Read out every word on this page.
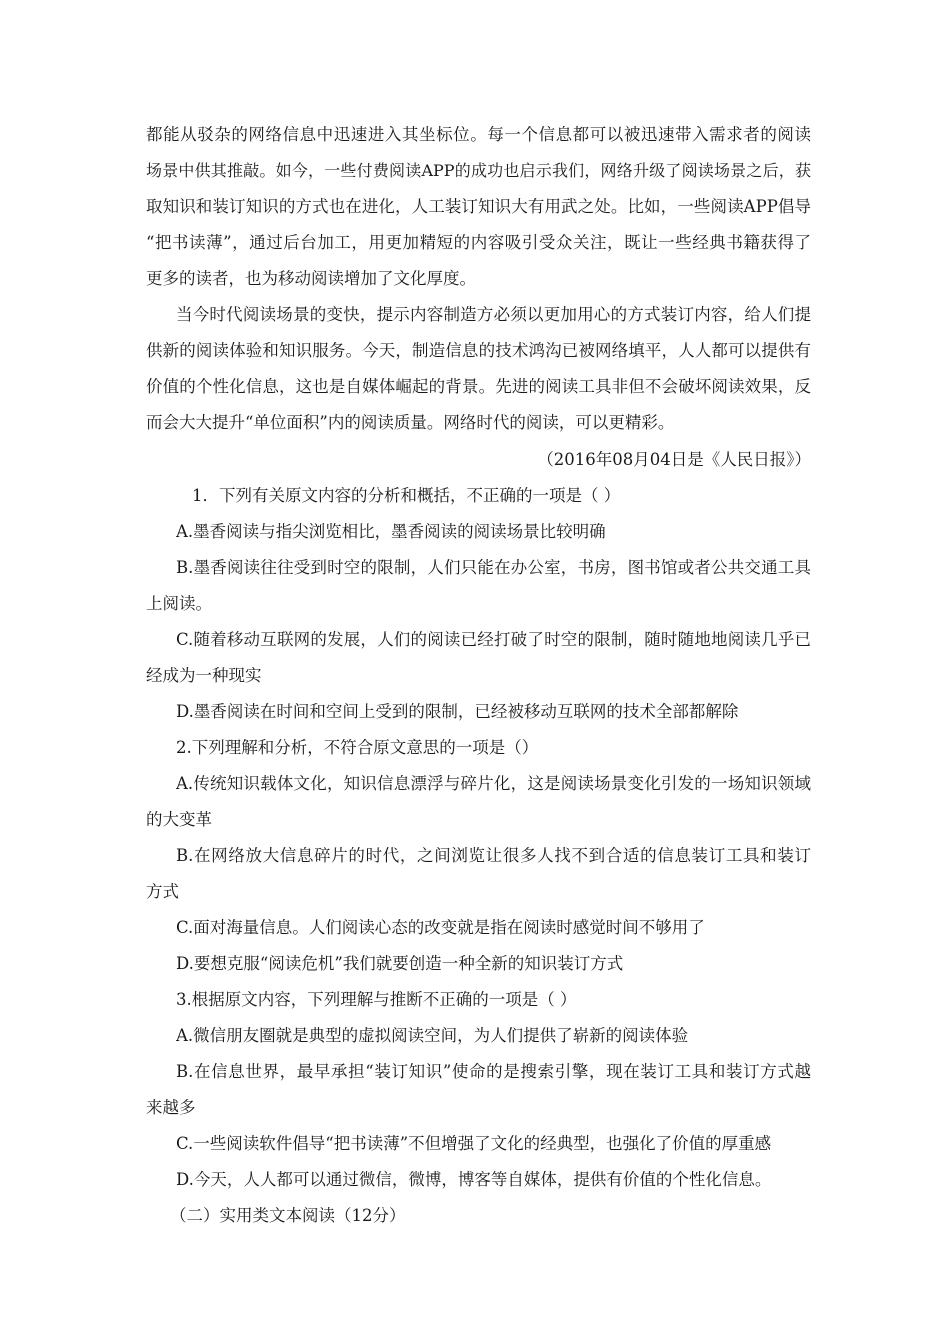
都能从驳杂的网络信息中迅速进入其坐标位。每一个信息都可以被迅速带入需求者的阅读
场景中供其推敲。如今，一些付费阅读APP的成功也启示我们，网络升级了阅读场景之后，获
取知识和装订知识的方式也在进化，人工装订知识大有用武之处。比如，一些阅读APP倡导
“把书读薄”，通过后台加工，用更加精短的内容吸引受众关注，既让一些经典书籍获得了
更多的读者，也为移动阅读增加了文化厚度。
当今时代阅读场景的变快，提示内容制造方必须以更加用心的方式装订内容，给人们提
供新的阅读体验和知识服务。今天，制造信息的技术鸿沟已被网络填平，人人都可以提供有
价值的个性化信息，这也是自媒体崛起的背景。先进的阅读工具非但不会破坏阅读效果，反
而会大大提升“单位面积”内的阅读质量。网络时代的阅读，可以更精彩。
（2016年08月04日是《人民日报》）
1．下列有关原文内容的分析和概括，不正确的一项是（ ）
A.墨香阅读与指尖浏览相比，墨香阅读的阅读场景比较明确
B.墨香阅读往往受到时空的限制，人们只能在办公室，书房，图书馆或者公共交通工具
上阅读。
C.随着移动互联网的发展，人们的阅读已经打破了时空的限制，随时随地地阅读几乎已
经成为一种现实
D.墨香阅读在时间和空间上受到的限制，已经被移动互联网的技术全部都解除
2.下列理解和分析，不符合原文意思的一项是（）
A.传统知识载体文化，知识信息漂浮与碎片化，这是阅读场景变化引发的一场知识领域
的大变革
B.在网络放大信息碎片的时代，之间浏览让很多人找不到合适的信息装订工具和装订
方式
C.面对海量信息。人们阅读心态的改变就是指在阅读时感觉时间不够用了
D.要想克服“阅读危机”我们就要创造一种全新的知识装订方式
3.根据原文内容，下列理解与推断不正确的一项是（ ）
A.微信朋友圈就是典型的虚拟阅读空间，为人们提供了崭新的阅读体验
B.在信息世界，最早承担“装订知识”使命的是搜索引擎，现在装订工具和装订方式越
来越多
C.一些阅读软件倡导“把书读薄”不但增强了文化的经典型，也强化了价值的厚重感
D.今天，人人都可以通过微信，微博，博客等自媒体，提供有价值的个性化信息。
（二）实用类文本阅读（12分）
